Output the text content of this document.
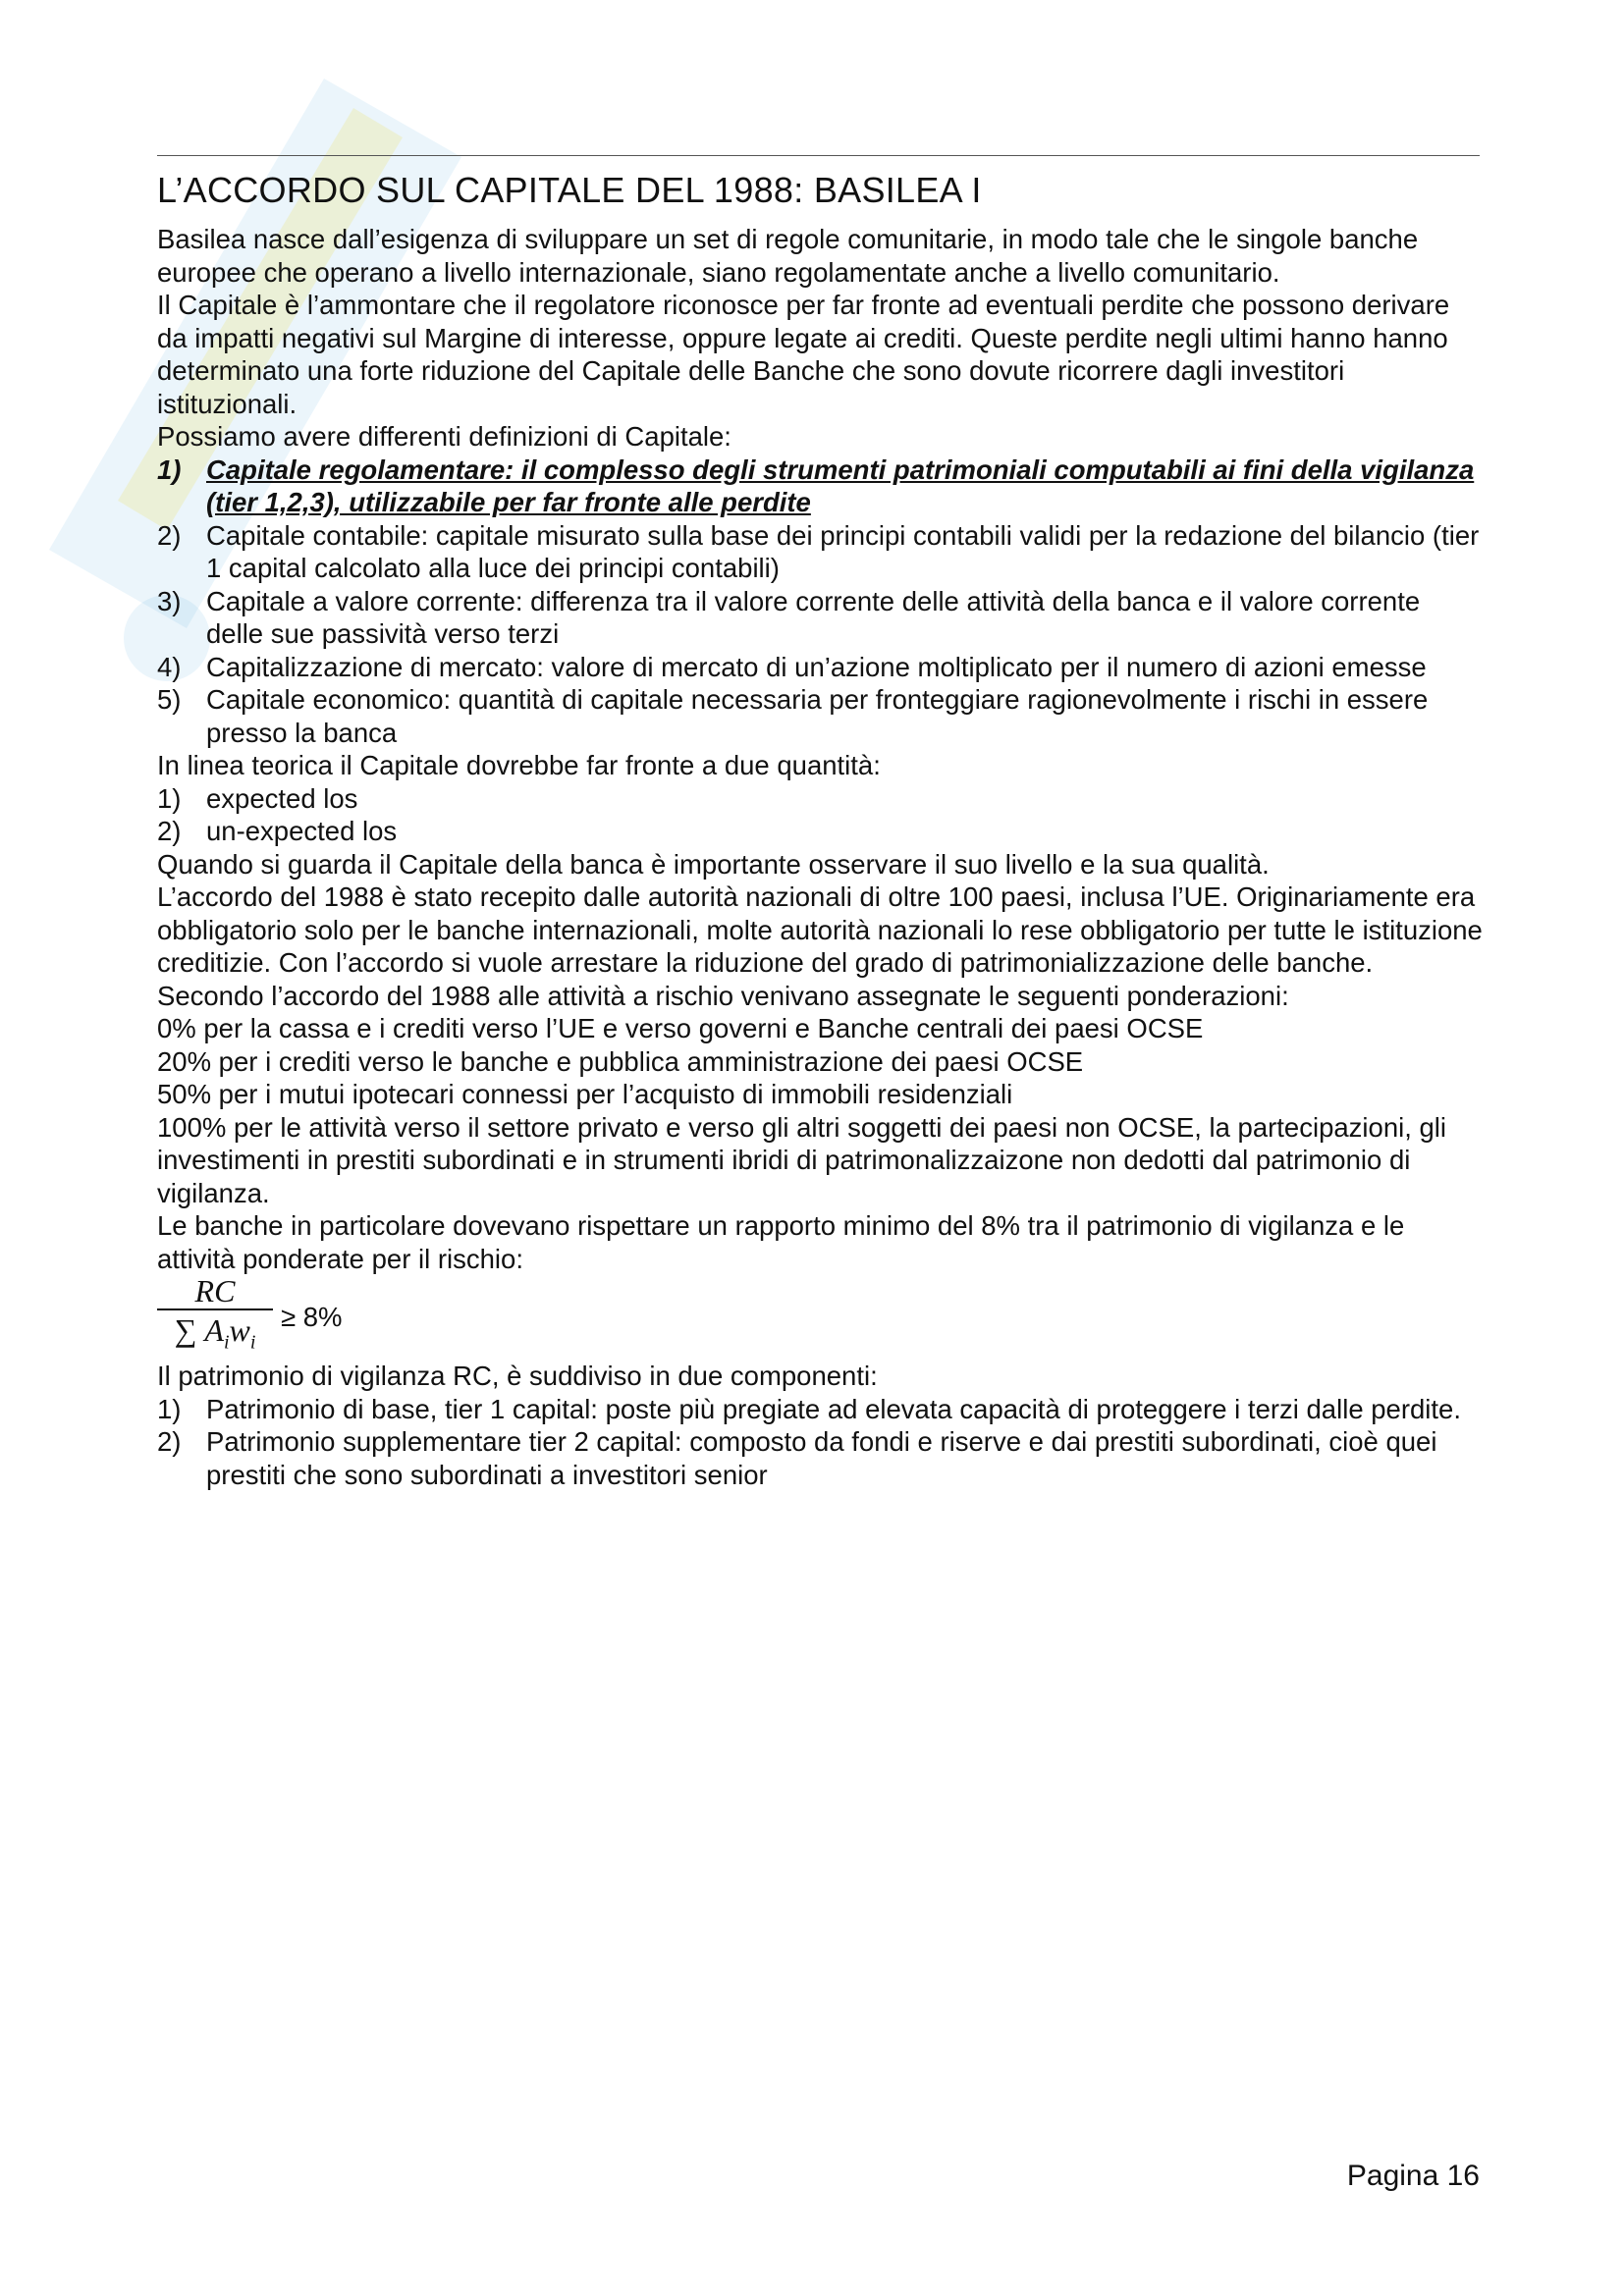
L’ACCORDO SUL CAPITALE DEL 1988: BASILEA I

Basilea nasce dall’esigenza di sviluppare un set di regole comunitarie, in modo tale che le singole banche europee che operano a livello internazionale, siano regolamentate anche a livello comunitario.

Il Capitale è l’ammontare che il regolatore riconosce per far fronte ad eventuali perdite che possono derivare da impatti negativi sul Margine di interesse, oppure legate ai crediti. Queste perdite negli ultimi hanno hanno determinato una forte riduzione del Capitale delle Banche che sono dovute ricorrere dagli investitori istituzionali.

Possiamo avere differenti definizioni di Capitale:

1) Capitale regolamentare: il complesso degli strumenti patrimoniali computabili ai fini della vigilanza (tier 1,2,3), utilizzabile per far fronte alle perdite
2) Capitale contabile: capitale misurato sulla base dei principi contabili validi per la redazione del bilancio (tier 1 capital calcolato alla luce dei principi contabili)
3) Capitale a valore corrente: differenza tra il valore corrente delle attività della banca e il valore corrente delle sue passività verso terzi
4) Capitalizzazione di mercato: valore di mercato di un’azione moltiplicato per il numero di azioni emesse
5) Capitale economico: quantità di capitale necessaria per fronteggiare ragionevolmente i rischi in essere presso la banca

In linea teorica il Capitale dovrebbe far fronte a due quantità:

1) expected los
2) un-expected los

Quando si guarda il Capitale della banca è importante osservare il suo livello e la sua qualità.

L’accordo del 1988 è stato recepito dalle autorità nazionali di oltre 100 paesi, inclusa l’UE. Originariamente era obbligatorio solo per le banche internazionali, molte autorità nazionali lo rese obbligatorio per tutte le istituzione creditizie. Con l’accordo si vuole arrestare la riduzione del grado di patrimonializzazione delle banche.

Secondo l’accordo del 1988 alle attività a rischio venivano assegnate le seguenti ponderazioni:

0% per la cassa e i crediti verso l’UE e verso governi e Banche centrali dei paesi OCSE

20% per i crediti verso le banche e pubblica amministrazione dei paesi OCSE

50% per i mutui ipotecari connessi per l’acquisto di immobili residenziali

100% per le attività verso il settore privato e verso gli altri soggetti dei paesi non OCSE, la partecipazioni, gli investimenti in prestiti subordinati e in strumenti ibridi di patrimonalizzaizone non dedotti dal patrimonio di vigilanza.

Le banche in particolare dovevano rispettare un rapporto minimo del 8% tra il patrimonio di vigilanza e le attività ponderate per il rischio:

$\frac{RC}{\sum A_iw_i} \ge 8\%$

Il patrimonio di vigilanza RC, è suddiviso in due componenti:

1) Patrimonio di base, tier 1 capital: poste più pregiate ad elevata capacità di proteggere i terzi dalle perdite.
2) Patrimonio supplementare tier 2 capital: composto da fondi e riserve e dai prestiti subordinati, cioè quei prestiti che sono subordinati a investitori senior
Pagina 16
